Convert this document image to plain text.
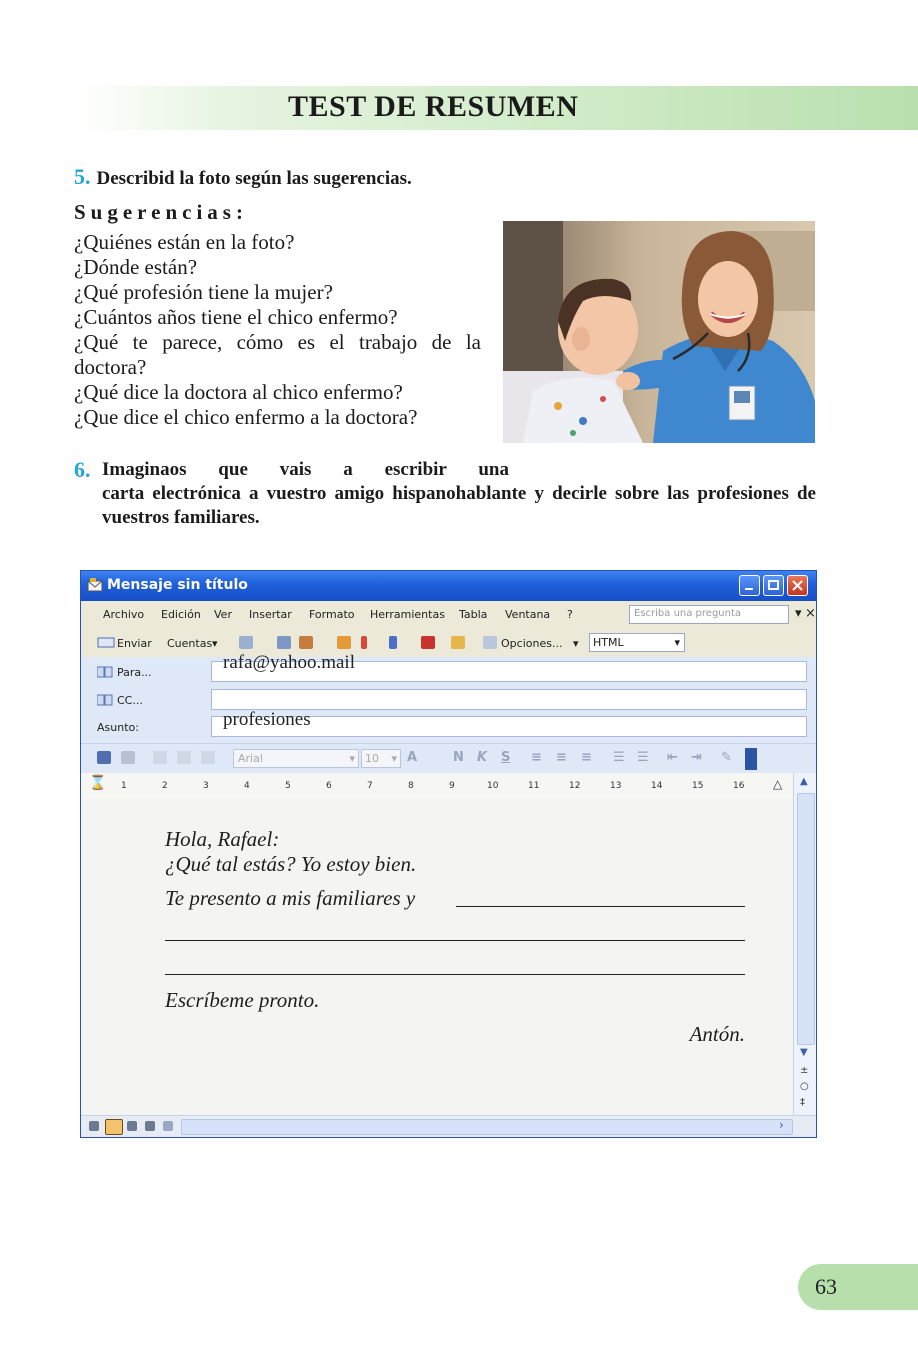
TEST DE RESUMEN
5. Describid la foto según las sugerencias.
Sugerencias:
¿Quiénes están en la foto?
¿Dónde están?
¿Qué profesión tiene la mujer?
¿Cuántos años tiene el chico enfermo?
¿Qué te parece, cómo es el trabajo de la doctora?
¿Qué dice la doctora al chico enfermo?
¿Que dice el chico enfermo a la doctora?
6. Imaginaos que vais a escribir una
carta electrónica a vuestro amigo hispanohablante y decirle sobre las profesiones de vuestros familiares.
Mensaje sin título
Archivo Edición Ver Insertar Formato Herramientas Tabla Ventana ?	Escriba una pregunta	▾ ×
Enviar Cuentas ▾	Opciones... ▾	HTML	▾
Para...	rafa@yahoo.mail
CC...
Asunto:	profesiones
Arial	▾ 10 ▾ A	N K S ≡ ≡ ≡ ☰ ☰ ⇤ ⇥ ✎
⌛ 1	2	3	4	5	6	7	8	9	10	11	12	13	14	15	16 △
Hola, Rafael:
¿Qué tal estás? Yo estoy bien.
Te presento a mis familiares y
Escríbeme pronto.
Antón.
▲
▼
±
○
‡
›
63
